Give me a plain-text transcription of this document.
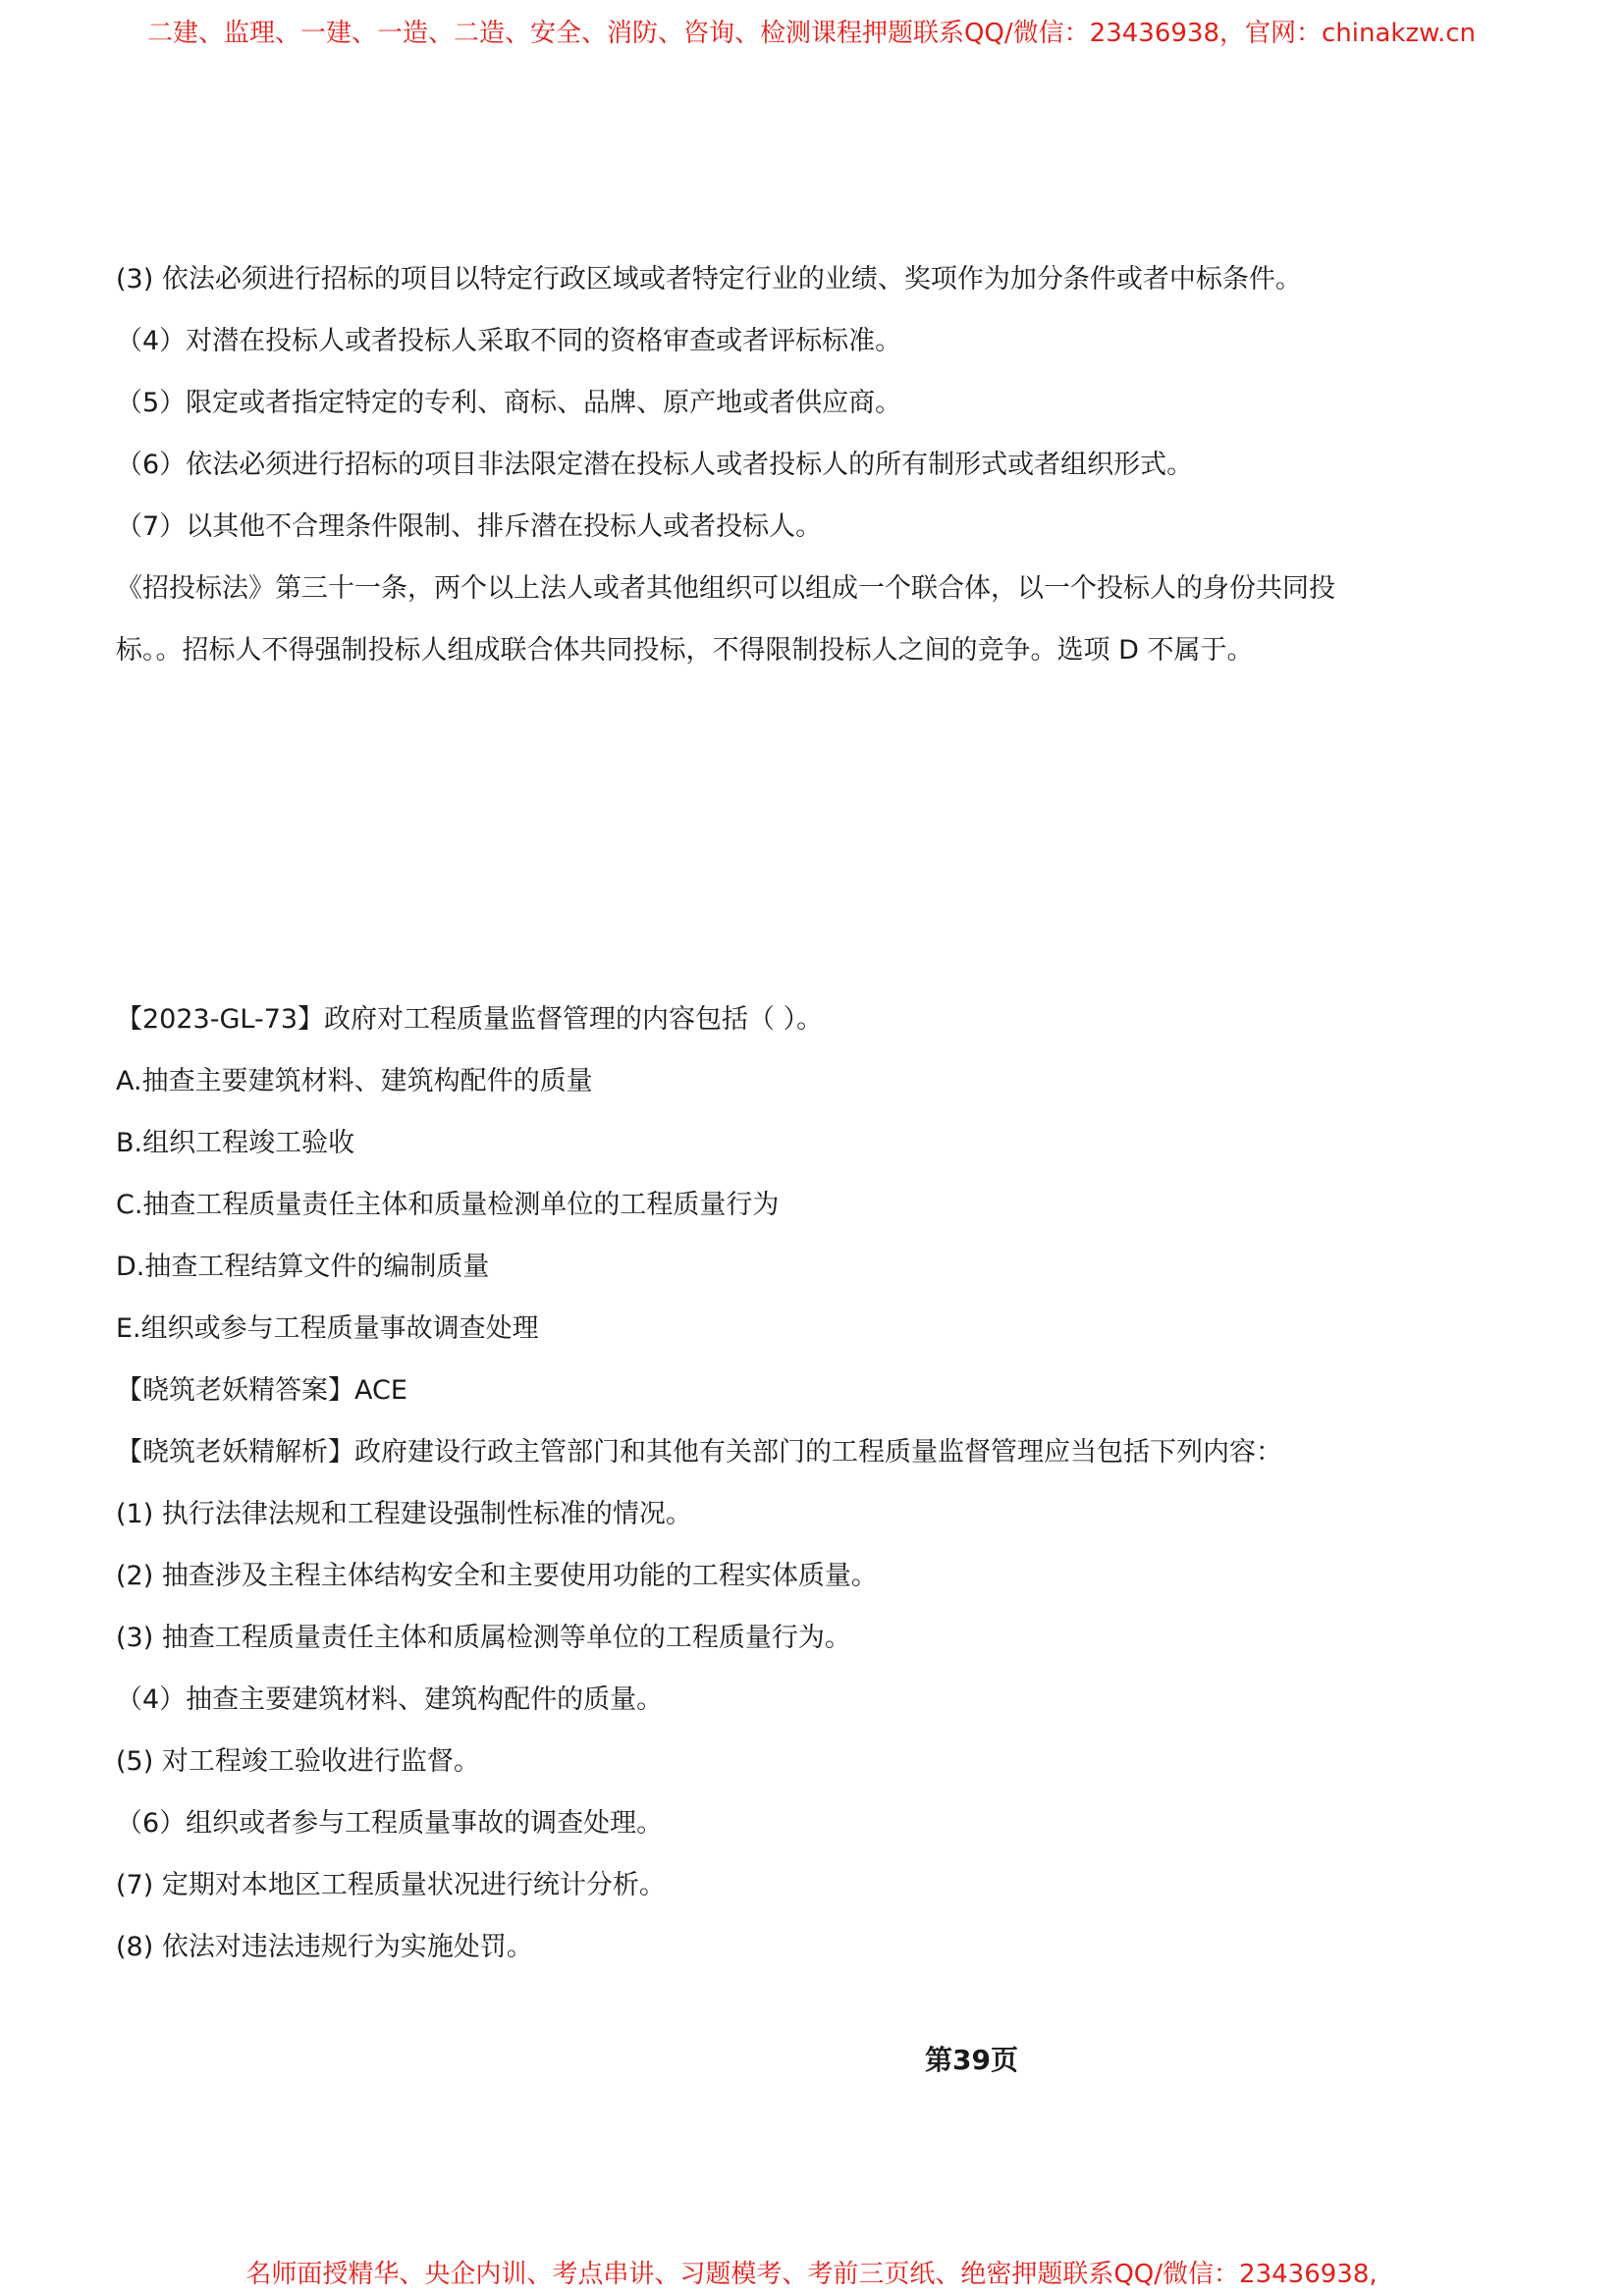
二建、监理、一建、一造、二造、安全、消防、咨询、检测课程押题联系QQ/微信：23436938，官网：chinakzw.cn
(3) 依法必须进行招标的项目以特定行政区域或者特定行业的业绩、奖项作为加分条件或者中标条件。
（4）对潜在投标人或者投标人采取不同的资格审查或者评标标准。
（5）限定或者指定特定的专利、商标、品牌、原产地或者供应商。
（6）依法必须进行招标的项目非法限定潜在投标人或者投标人的所有制形式或者组织形式。
（7）以其他不合理条件限制、排斥潜在投标人或者投标人。
《招投标法》第三十一条，两个以上法人或者其他组织可以组成一个联合体，以一个投标人的身份共同投
标。。招标人不得强制投标人组成联合体共同投标，不得限制投标人之间的竞争。选项 D 不属于。
【2023-GL-73】政府对工程质量监督管理的内容包括（ ）。
A.抽查主要建筑材料、建筑构配件的质量
B.组织工程竣工验收
C.抽查工程质量责任主体和质量检测单位的工程质量行为
D.抽查工程结算文件的编制质量
E.组织或参与工程质量事故调查处理
【晓筑老妖精答案】ACE
【晓筑老妖精解析】政府建设行政主管部门和其他有关部门的工程质量监督管理应当包括下列内容：
(1) 执行法律法规和工程建设强制性标准的情况。
(2) 抽查涉及主程主体结构安全和主要使用功能的工程实体质量。
(3) 抽查工程质量责任主体和质属检测等单位的工程质量行为。
（4）抽查主要建筑材料、建筑构配件的质量。
(5) 对工程竣工验收进行监督。
（6）组织或者参与工程质量事故的调查处理。
(7) 定期对本地区工程质量状况进行统计分析。
(8) 依法对违法违规行为实施处罚。
第39页
名师面授精华、央企内训、考点串讲、习题模考、考前三页纸、绝密押题联系QQ/微信：23436938,
